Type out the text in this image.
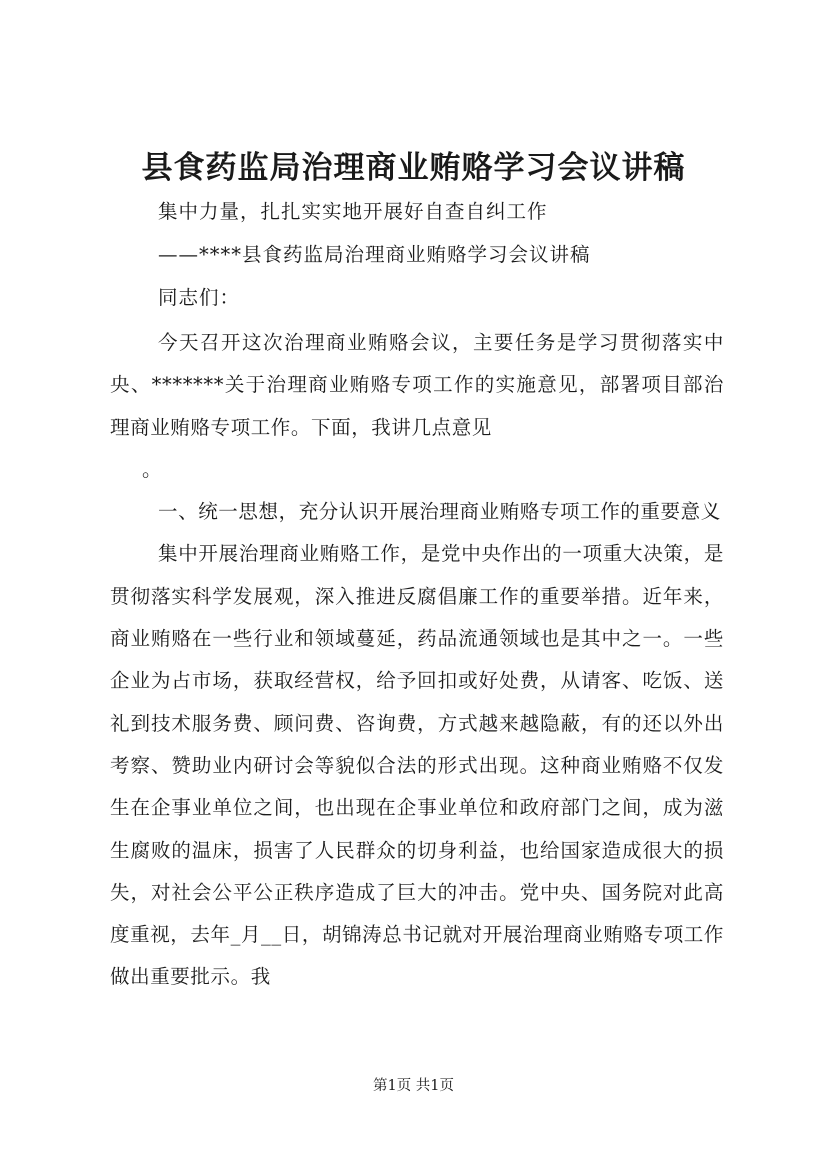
县食药监局治理商业贿赂学习会议讲稿
集中力量，扎扎实实地开展好自查自纠工作
——****县食药监局治理商业贿赂学习会议讲稿
同志们：

今天召开这次治理商业贿赂会议，主要任务是学习贯彻落实中央、*******关于治理商业贿赂专项工作的实施意见，部署项目部治理商业贿赂专项工作。下面，我讲几点意见

。

一、统一思想，充分认识开展治理商业贿赂专项工作的重要意义

集中开展治理商业贿赂工作，是党中央作出的一项重大决策，是贯彻落实科学发展观，深入推进反腐倡廉工作的重要举措。近年来，商业贿赂在一些行业和领域蔓延，药品流通领域也是其中之一。一些企业为占市场，获取经营权，给予回扣或好处费，从请客、吃饭、送礼到技术服务费、顾问费、咨询费，方式越来越隐蔽，有的还以外出考察、赞助业内研讨会等貌似合法的形式出现。这种商业贿赂不仅发生在企事业单位之间，也出现在企事业单位和政府部门之间，成为滋生腐败的温床，损害了人民群众的切身利益，也给国家造成很大的损失，对社会公平公正秩序造成了巨大的冲击。党中央、国务院对此高度重视，去年_月__日，胡锦涛总书记就对开展治理商业贿赂专项工作做出重要批示。我

第1页 共1页
